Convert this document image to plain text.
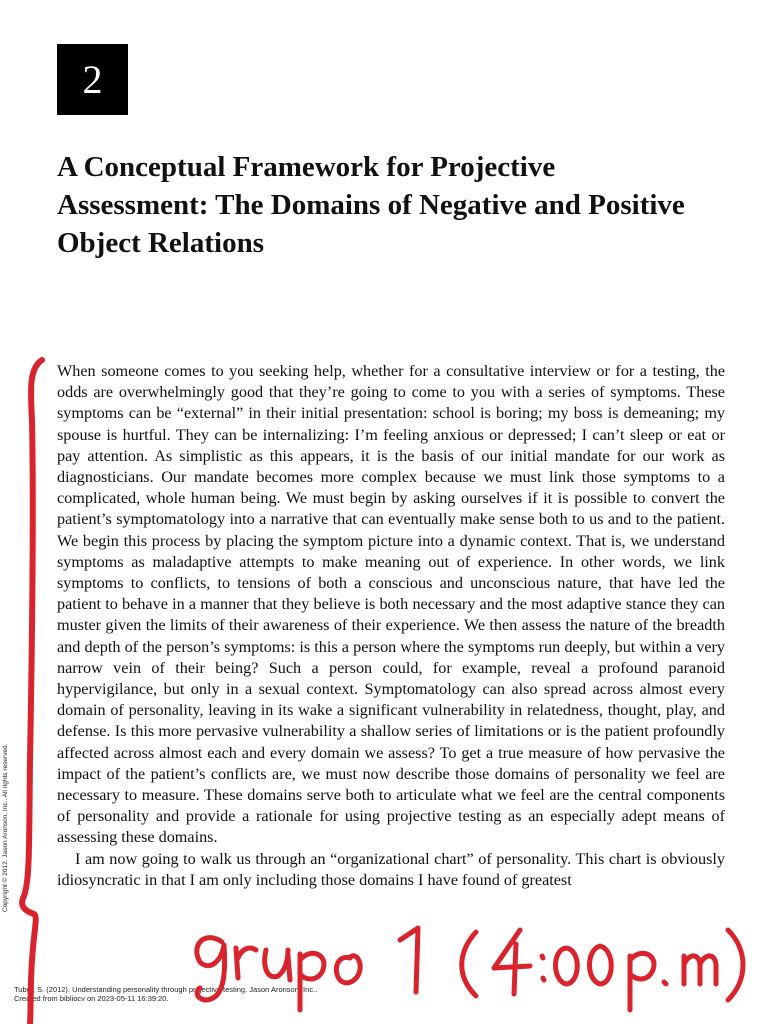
2
A Conceptual Framework for Projective Assessment: The Domains of Negative and Positive Object Relations

When someone comes to you seeking help, whether for a consultative interview or for a testing, the odds are overwhelmingly good that they’re going to come to you with a series of symptoms. These symptoms can be “external” in their initial presentation: school is boring; my boss is demeaning; my spouse is hurtful. They can be internalizing: I’m feeling anxious or depressed; I can’t sleep or eat or pay attention. As simplistic as this appears, it is the basis of our initial mandate for our work as diagnosticians. Our mandate becomes more complex because we must link those symptoms to a complicated, whole human being. We must begin by asking ourselves if it is possible to convert the patient’s symptomatology into a narrative that can eventually make sense both to us and to the patient. We begin this process by placing the symptom picture into a dynamic context. That is, we understand symptoms as maladaptive attempts to make meaning out of experience. In other words, we link symptoms to conflicts, to tensions of both a conscious and unconscious nature, that have led the patient to behave in a manner that they believe is both necessary and the most adaptive stance they can muster given the limits of their awareness of their experience. We then assess the nature of the breadth and depth of the person’s symptoms: is this a person where the symptoms run deeply, but within a very narrow vein of their being? Such a person could, for example, reveal a profound paranoid hypervigilance, but only in a sexual context. Symptomatology can also spread across almost every domain of personality, leaving in its wake a significant vulnerability in relatedness, thought, play, and defense. Is this more pervasive vulnerability a shallow series of limitations or is the patient profoundly affected across almost each and every domain we assess? To get a true measure of how pervasive the impact of the patient’s conflicts are, we must now describe those domains of personality we feel are necessary to measure. These domains serve both to articulate what we feel are the central components of personality and provide a rationale for using projective testing as an especially adept means of assessing these domains.

I am now going to walk us through an “organizational chart” of personality. This chart is obviously idiosyncratic in that I am only including those domains I have found of greatest

Copyright © 2012. Jason Aronson, Inc.. All rights reserved.
Tuber, S. (2012). Understanding personality through projective testing. Jason Aronson, Inc..
Created from bibliocv on 2023-05-11 16:39:20.
grupo 1 (4:00 p.m)
